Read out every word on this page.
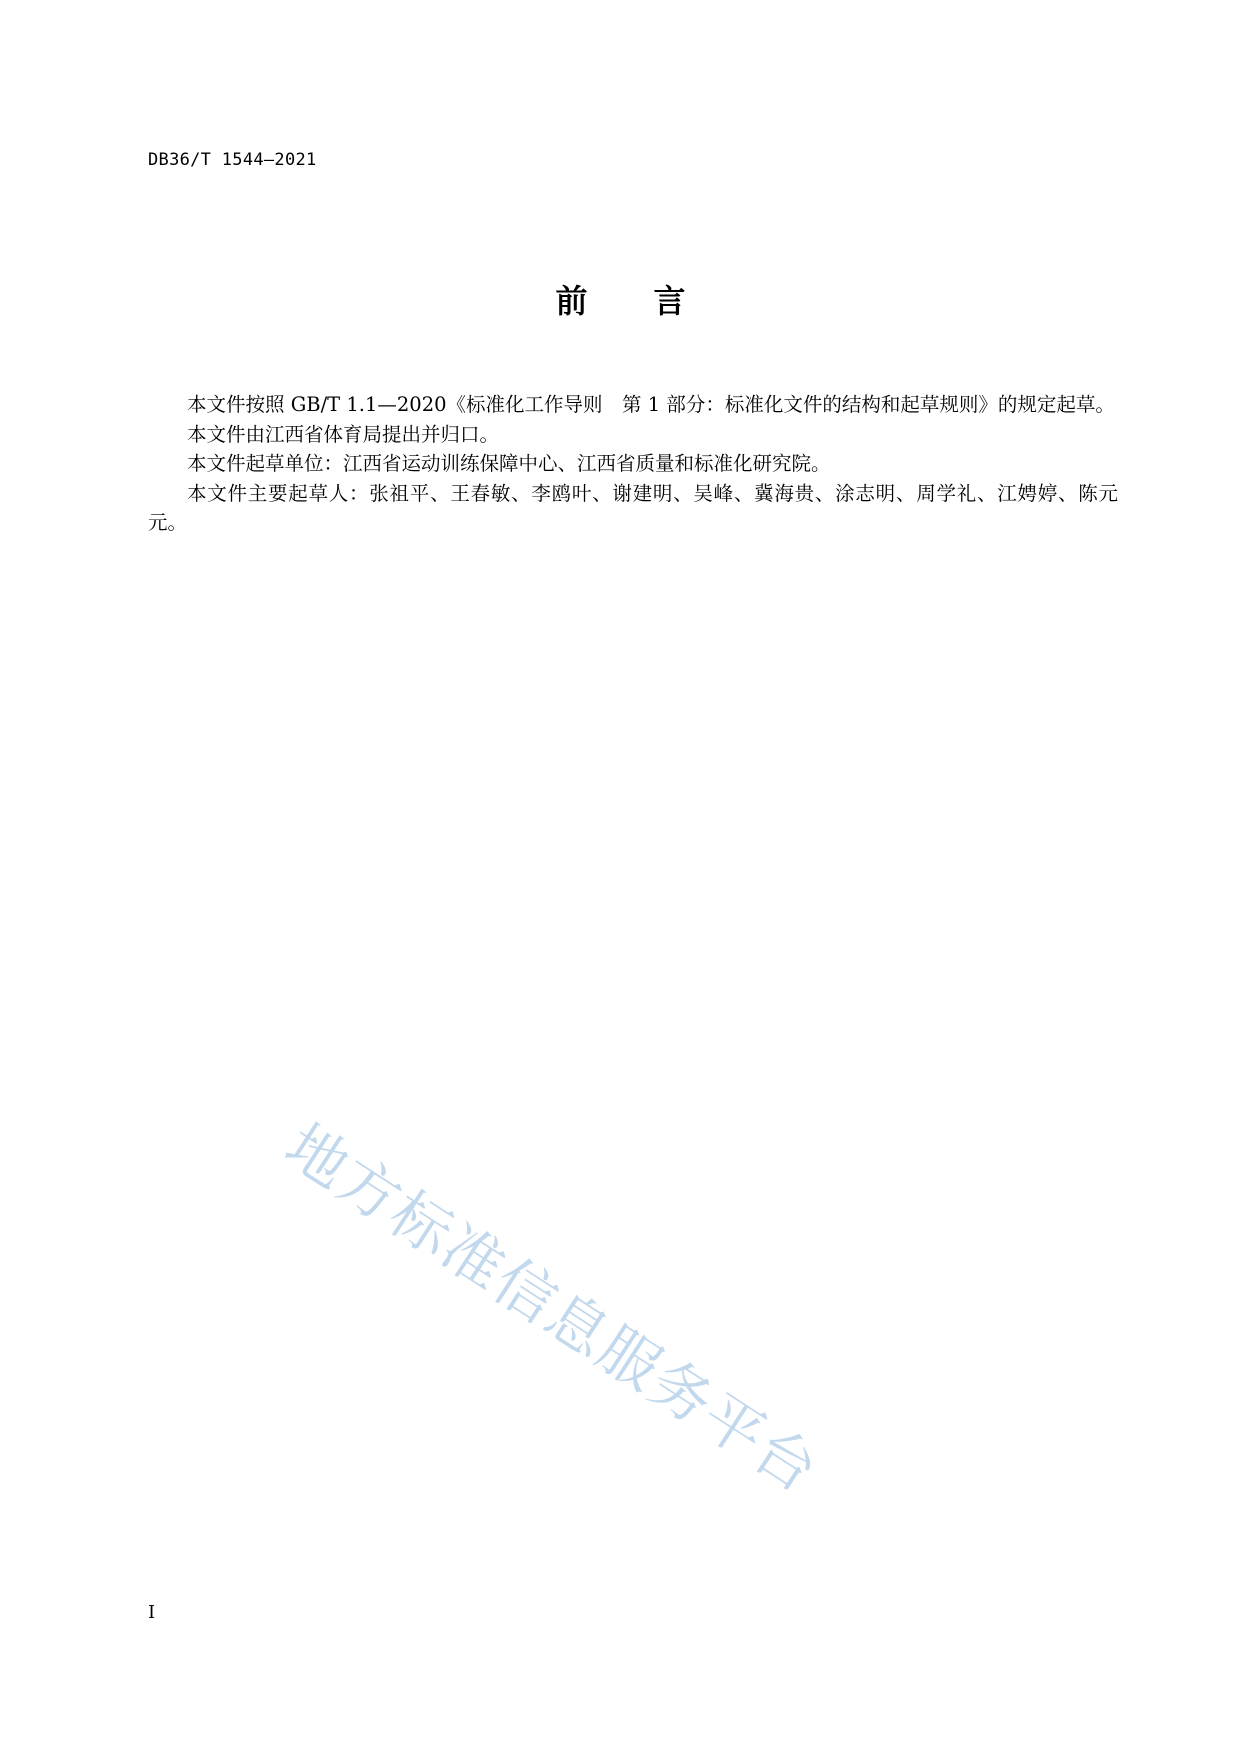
DB36/T 1544—2021
前 言

本文件按照 GB/T 1.1—2020《标准化工作导则　第 1 部分：标准化文件的结构和起草规则》的规定起草。

本文件由江西省体育局提出并归口。

本文件起草单位：江西省运动训练保障中心、江西省质量和标准化研究院。

本文件主要起草人：张祖平、王春敏、李鸥叶、谢建明、吴峰、冀海贵、涂志明、周学礼、江娉婷、陈元元。

地方标准信息服务平台
I
